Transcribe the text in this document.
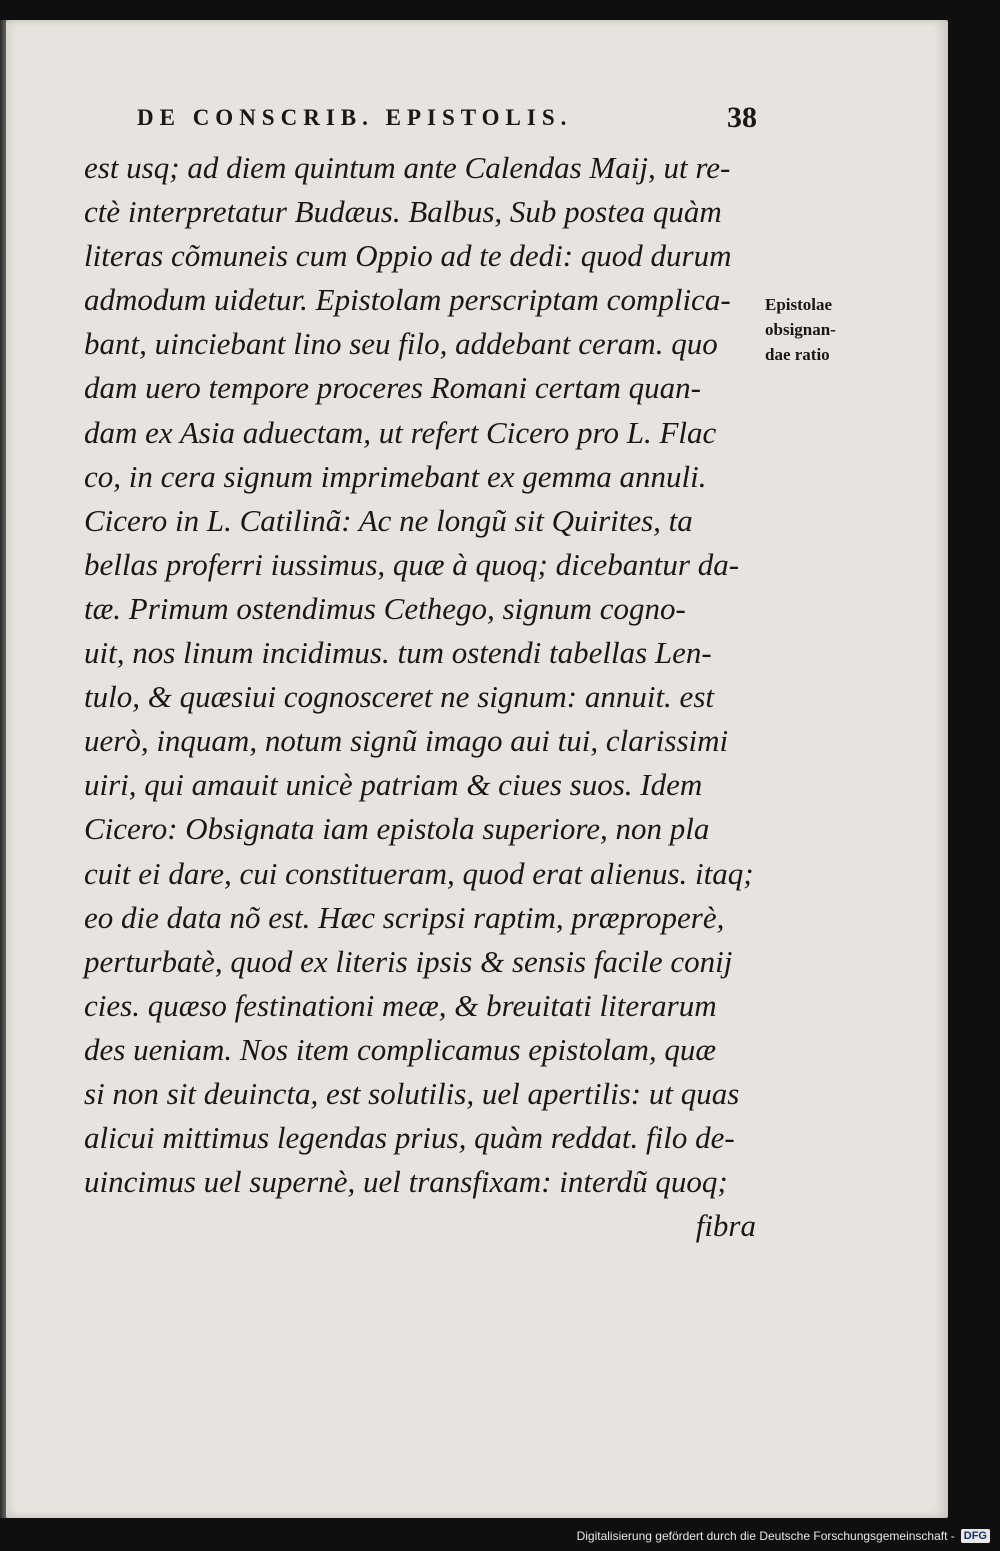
DE CONSCRIB. EPISTOLIS.	38
est usq; ad diem quintum ante Calendas Maij, ut re-
ctè interpretatur Budæus. Balbus, Sub postea quàm
literas cõmuneis cum Oppio ad te dedi: quod durum
admodum uidetur. Epistolam perscriptam complica-
bant, uinciebant lino seu filo, addebant ceram. quo
dam uero tempore proceres Romani certam quan-
dam ex Asia aduectam, ut refert Cicero pro L. Flac
co, in cera signum imprimebant ex gemma annuli.
Cicero in L. Catilinã: Ac ne longũ sit Quirites, ta
bellas proferri iussimus, quæ à quoq; dicebantur da-
tæ. Primum ostendimus Cethego, signum cogno-
uit, nos linum incidimus. tum ostendi tabellas Len-
tulo, & quæsiui cognosceret ne signum: annuit. est
uerò, inquam, notum signũ imago aui tui, clarissimi
uiri, qui amauit unicè patriam & ciues suos. Idem
Cicero: Obsignata iam epistola superiore, non pla
cuit ei dare, cui constitueram, quod erat alienus. itaq;
eo die data nõ est. Hæc scripsi raptim, præproperè,
perturbatè, quod ex literis ipsis & sensis facile conij
cies. quæso festinationi meæ, & breuitati literarum
des ueniam. Nos item complicamus epistolam, quæ
si non sit deuincta, est solutilis, uel apertilis: ut quas
alicui mittimus legendas prius, quàm reddat. filo de-
uincimus uel supernè, uel transfixam: interdũ quoq;
fibra
Epistolae
obsignan-
dae ratio
Digitalisierung gefördert durch die Deutsche Forschungsgemeinschaft - DFG
